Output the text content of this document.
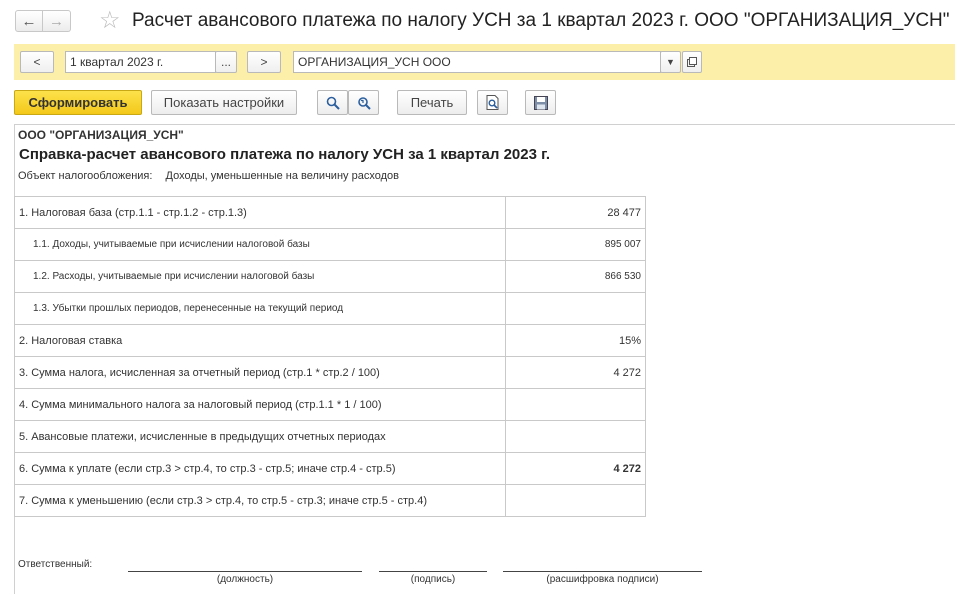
← → ☆ Расчет авансового платежа по налогу УСН за 1 квартал 2023 г. ООО "ОРГАНИЗАЦИЯ_УСН"
<	1 квартал 2023 г.	...	>	ОРГАНИЗАЦИЯ_УСН ООО	▼
Сформировать	Показать настройки	Печать
ООО "ОРГАНИЗАЦИЯ_УСН"
Справка-расчет авансового платежа по налогу УСН за 1 квартал 2023 г.
Объект налогообложения: Доходы, уменьшенные на величину расходов
1. Налоговая база (стр.1.1 - стр.1.2 - стр.1.3)	28 477
1.1. Доходы, учитываемые при исчислении налоговой базы	895 007
1.2. Расходы, учитываемые при исчислении налоговой базы	866 530
1.3. Убытки прошлых периодов, перенесенные на текущий период	
2. Налоговая ставка	15%
3. Сумма налога, исчисленная за отчетный период (стр.1 * стр.2 / 100)	4 272
4. Сумма минимального налога за налоговый период (стр.1.1 * 1 / 100)	
5. Авансовые платежи, исчисленные в предыдущих отчетных периодах	
6. Сумма к уплате (если стр.3 > стр.4, то стр.3 - стр.5; иначе стр.4 - стр.5)	4 272
7. Сумма к уменьшению (если стр.3 > стр.4, то стр.5 - стр.3; иначе стр.5 - стр.4)	
Ответственный:
(должность)	(подпись)	(расшифровка подписи)
